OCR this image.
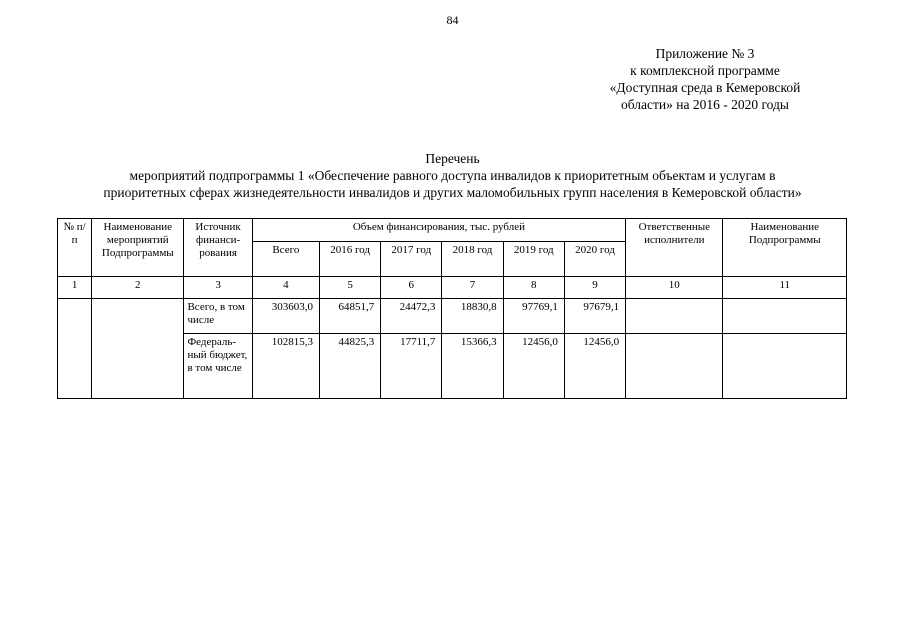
84
Приложение № 3
к комплексной программе
«Доступная среда в Кемеровской
области» на 2016 - 2020 годы
Перечень
мероприятий подпрограммы 1 «Обеспечение равного доступа инвалидов к приоритетным объектам и услугам в
приоритетных сферах жизнедеятельности инвалидов и других маломобильных групп населения в Кемеровской области»
№ п/п	Наименование мероприятий Подпрограммы	Источник финанси-рования	Объем финансирования, тыс. рублей						Ответственные исполнители	Наименование Подпрограммы
			Всего	2016 год	2017 год	2018 год	2019 год	2020 год		
1	2	3	4	5	6	7	8	9	10	11
		Всего, в том числе	303603,0	64851,7	24472,3	18830,8	97769,1	97679,1		
		Федераль-ный бюджет, в том числе	102815,3	44825,3	17711,7	15366,3	12456,0	12456,0		
